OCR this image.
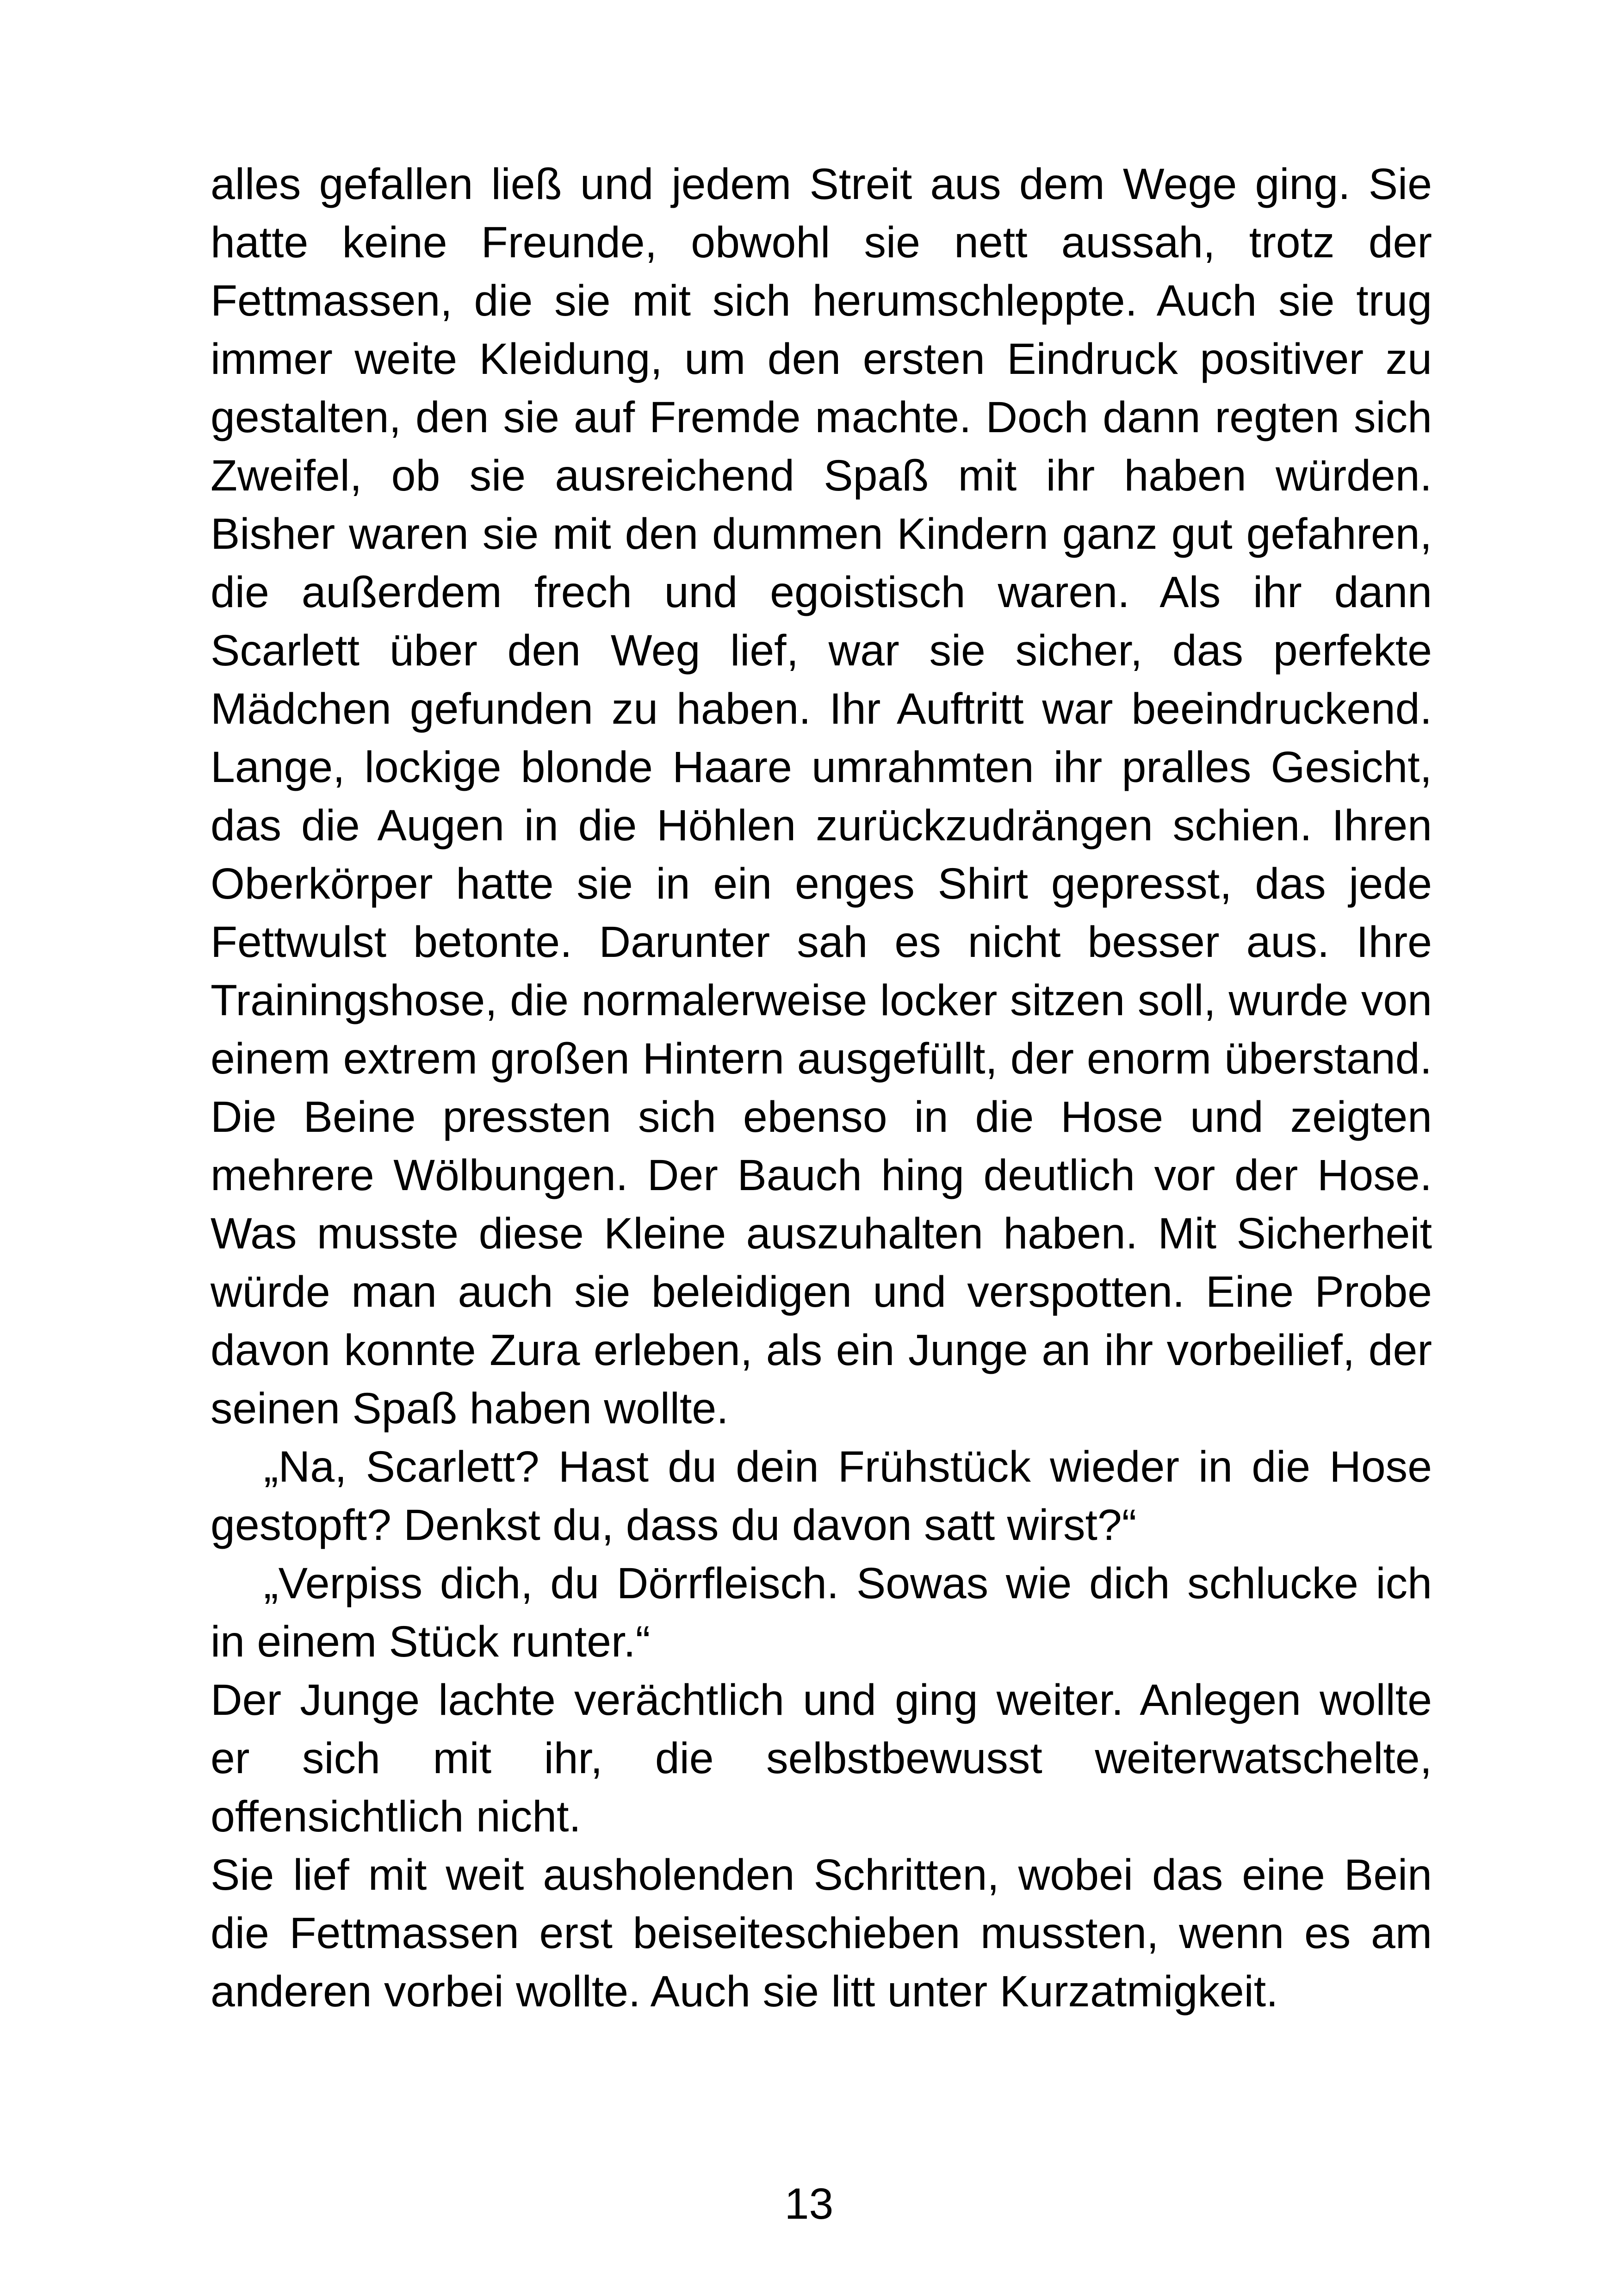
alles gefallen ließ und jedem Streit aus dem Wege ging. Sie hatte keine Freunde, obwohl sie nett aussah, trotz der Fettmassen, die sie mit sich herumschleppte. Auch sie trug immer weite Kleidung, um den ersten Eindruck positiver zu gestalten, den sie auf Fremde machte. Doch dann regten sich Zweifel, ob sie ausreichend Spaß mit ihr haben würden. Bisher waren sie mit den dummen Kindern ganz gut gefahren, die außerdem frech und egoistisch waren. Als ihr dann Scarlett über den Weg lief, war sie sicher, das perfekte Mädchen gefunden zu haben. Ihr Auftritt war beeindruckend. Lange, lockige blonde Haare umrahmten ihr pralles Gesicht, das die Augen in die Höhlen zurückzudrängen schien. Ihren Oberkörper hatte sie in ein enges Shirt gepresst, das jede Fettwulst betonte. Darunter sah es nicht besser aus. Ihre Trainingshose, die normalerweise locker sitzen soll, wurde von einem extrem großen Hintern ausgefüllt, der enorm überstand. Die Beine pressten sich ebenso in die Hose und zeigten mehrere Wölbungen. Der Bauch hing deutlich vor der Hose. Was musste diese Kleine auszuhalten haben. Mit Sicherheit würde man auch sie beleidigen und verspotten. Eine Probe davon konnte Zura erleben, als ein Junge an ihr vorbeilief, der seinen Spaß haben wollte.

„Na, Scarlett? Hast du dein Frühstück wieder in die Hose gestopft? Denkst du, dass du davon satt wirst?“

„Verpiss dich, du Dörrfleisch. Sowas wie dich schlucke ich in einem Stück runter.“

Der Junge lachte verächtlich und ging weiter. Anlegen wollte er sich mit ihr, die selbstbewusst weiterwatschelte, offensichtlich nicht.

Sie lief mit weit ausholenden Schritten, wobei das eine Bein die Fettmassen erst beiseiteschieben mussten, wenn es am anderen vorbei wollte. Auch sie litt unter Kurzatmigkeit.

13
